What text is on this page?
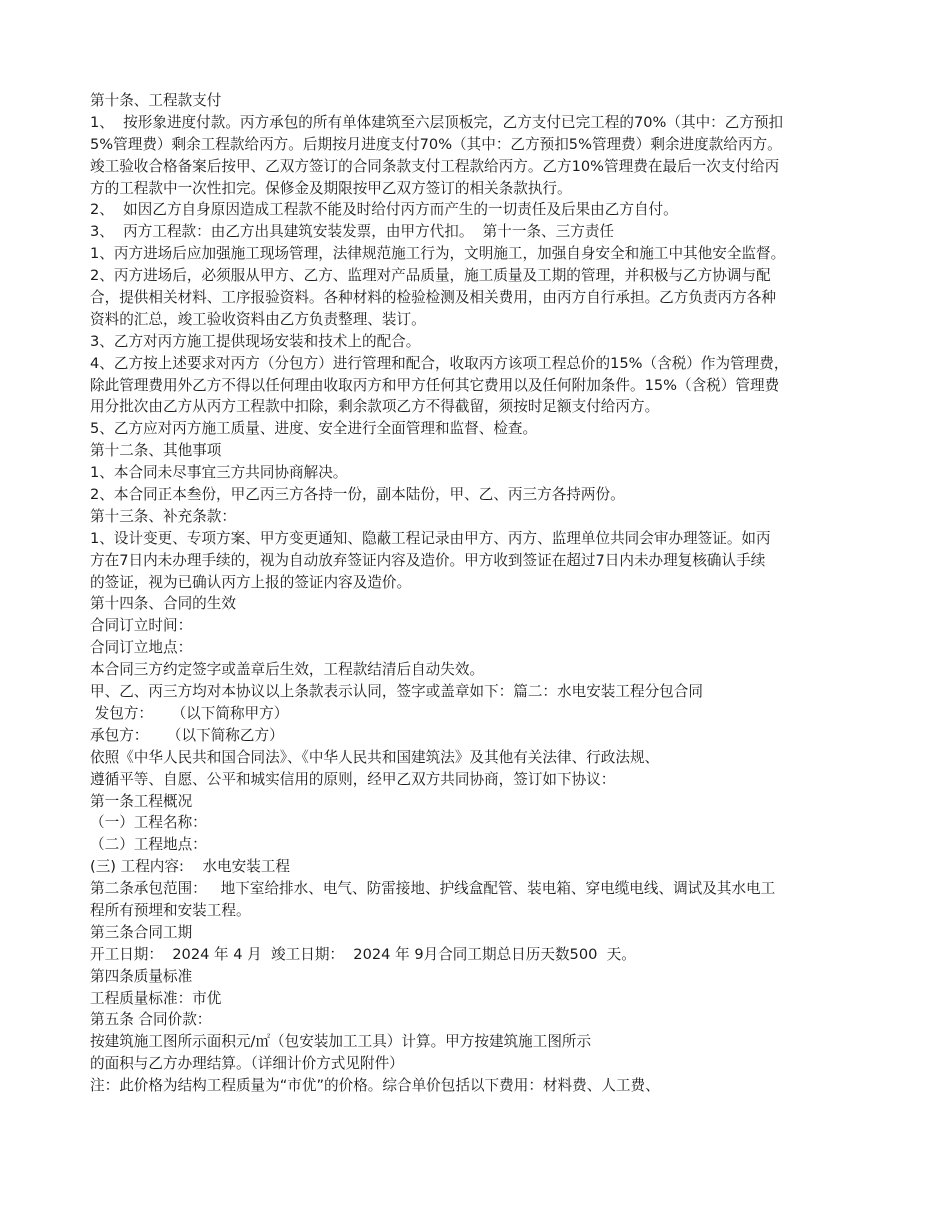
第十条、工程款支付
1、  按形象进度付款。丙方承包的所有单体建筑至六层顶板完，乙方支付已完工程的70%（其中：乙方预扣
5%管理费）剩余工程款给丙方。后期按月进度支付70%（其中：乙方预扣5%管理费）剩余进度款给丙方。
竣工验收合格备案后按甲、乙双方签订的合同条款支付工程款给丙方。乙方10%管理费在最后一次支付给丙
方的工程款中一次性扣完。保修金及期限按甲乙双方签订的相关条款执行。
2、  如因乙方自身原因造成工程款不能及时给付丙方而产生的一切责任及后果由乙方自付。
3、  丙方工程款：由乙方出具建筑安装发票，由甲方代扣。  第十一条、三方责任
1、丙方进场后应加强施工现场管理，法律规范施工行为，文明施工，加强自身安全和施工中其他安全监督。
2、丙方进场后，必须服从甲方、乙方、监理对产品质量，施工质量及工期的管理，并积极与乙方协调与配
合，提供相关材料、工序报验资料。各种材料的检验检测及相关费用，由丙方自行承担。乙方负责丙方各种
资料的汇总，竣工验收资料由乙方负责整理、装订。
3、乙方对丙方施工提供现场安装和技术上的配合。
4、乙方按上述要求对丙方（分包方）进行管理和配合，收取丙方该项工程总价的15%（含税）作为管理费，
除此管理费用外乙方不得以任何理由收取丙方和甲方任何其它费用以及任何附加条件。15%（含税）管理费
用分批次由乙方从丙方工程款中扣除，剩余款项乙方不得截留，须按时足额支付给丙方。
5、乙方应对丙方施工质量、进度、安全进行全面管理和监督、检查。
第十二条、其他事项
1、本合同未尽事宜三方共同协商解决。
2、本合同正本叁份，甲乙丙三方各持一份，副本陆份，甲、乙、丙三方各持两份。
第十三条、补充条款：
1、设计变更、专项方案、甲方变更通知、隐蔽工程记录由甲方、丙方、监理单位共同会审办理签证。如丙
方在7日内未办理手续的，视为自动放弃签证内容及造价。甲方收到签证在超过7日内未办理复核确认手续
的签证，视为已确认丙方上报的签证内容及造价。
第十四条、合同的生效
合同订立时间：
合同订立地点：
本合同三方约定签字或盖章后生效，工程款结清后自动失效。
甲、乙、丙三方均对本协议以上条款表示认同，签字或盖章如下：篇二：水电安装工程分包合同
发包方：    （以下简称甲方）
承包方：    （以下简称乙方）
依照《中华人民共和国合同法》、《中华人民共和国建筑法》及其他有关法律、行政法规、
遵循平等、自愿、公平和城实信用的原则，经甲乙双方共同协商，签订如下协议：
第一条工程概况
（一）工程名称：
（二）工程地点：
(三) 工程内容:    水电安装工程
第二条承包范围：   地下室给排水、电气、防雷接地、护线盒配管、装电箱、穿电缆电线、调试及其水电工
程所有预埋和安装工程。
第三条合同工期
开工日期：  2024 年 4 月  竣工日期：  2024 年 9月合同工期总日历天数500  天。
第四条质量标准
工程质量标准：市优
第五条 合同价款：
按建筑施工图所示面积元/㎡（包安装加工工具）计算。甲方按建筑施工图所示
的面积与乙方办理结算。（详细计价方式见附件）
注：此价格为结构工程质量为“市优”的价格。综合单价包括以下费用：材料费、人工费、
